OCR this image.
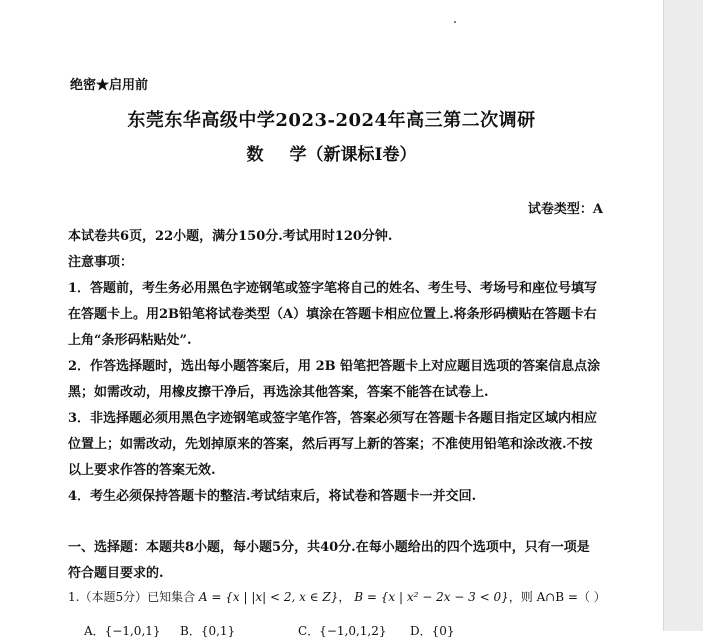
绝密★启用前
东莞东华高级中学2023-2024年高三第二次调研
数 学（新课标I卷）
试卷类型：A
本试卷共6页，22小题，满分150分.考试用时120分钟.
注意事项：
1．答题前，考生务必用黑色字迹钢笔或签字笔将自己的姓名、考生号、考场号和座位号填写
在答题卡上。用2B铅笔将试卷类型（A）填涂在答题卡相应位置上.将条形码横贴在答题卡右
上角“条形码粘贴处”.
2．作答选择题时，选出每小题答案后，用 2B 铅笔把答题卡上对应题目选项的答案信息点涂
黑；如需改动，用橡皮擦干净后，再选涂其他答案，答案不能答在试卷上.
3．非选择题必须用黑色字迹钢笔或签字笔作答，答案必须写在答题卡各题目指定区域内相应
位置上；如需改动，先划掉原来的答案，然后再写上新的答案；不准使用铅笔和涂改液.不按
以上要求作答的答案无效.
4．考生必须保持答题卡的整洁.考试结束后，将试卷和答题卡一并交回.
一、选择题：本题共8小题，每小题5分，共40分.在每小题给出的四个选项中，只有一项是
符合题目要求的.
1.（本题5分）已知集合 A = {x | |x| < 2, x ∈ Z}， B = {x | x² − 2x − 3 < 0}，则 A∩B =（ ）
A．{−1,0,1} B．{0,1}	C．{−1,0,1,2} D．{0}
